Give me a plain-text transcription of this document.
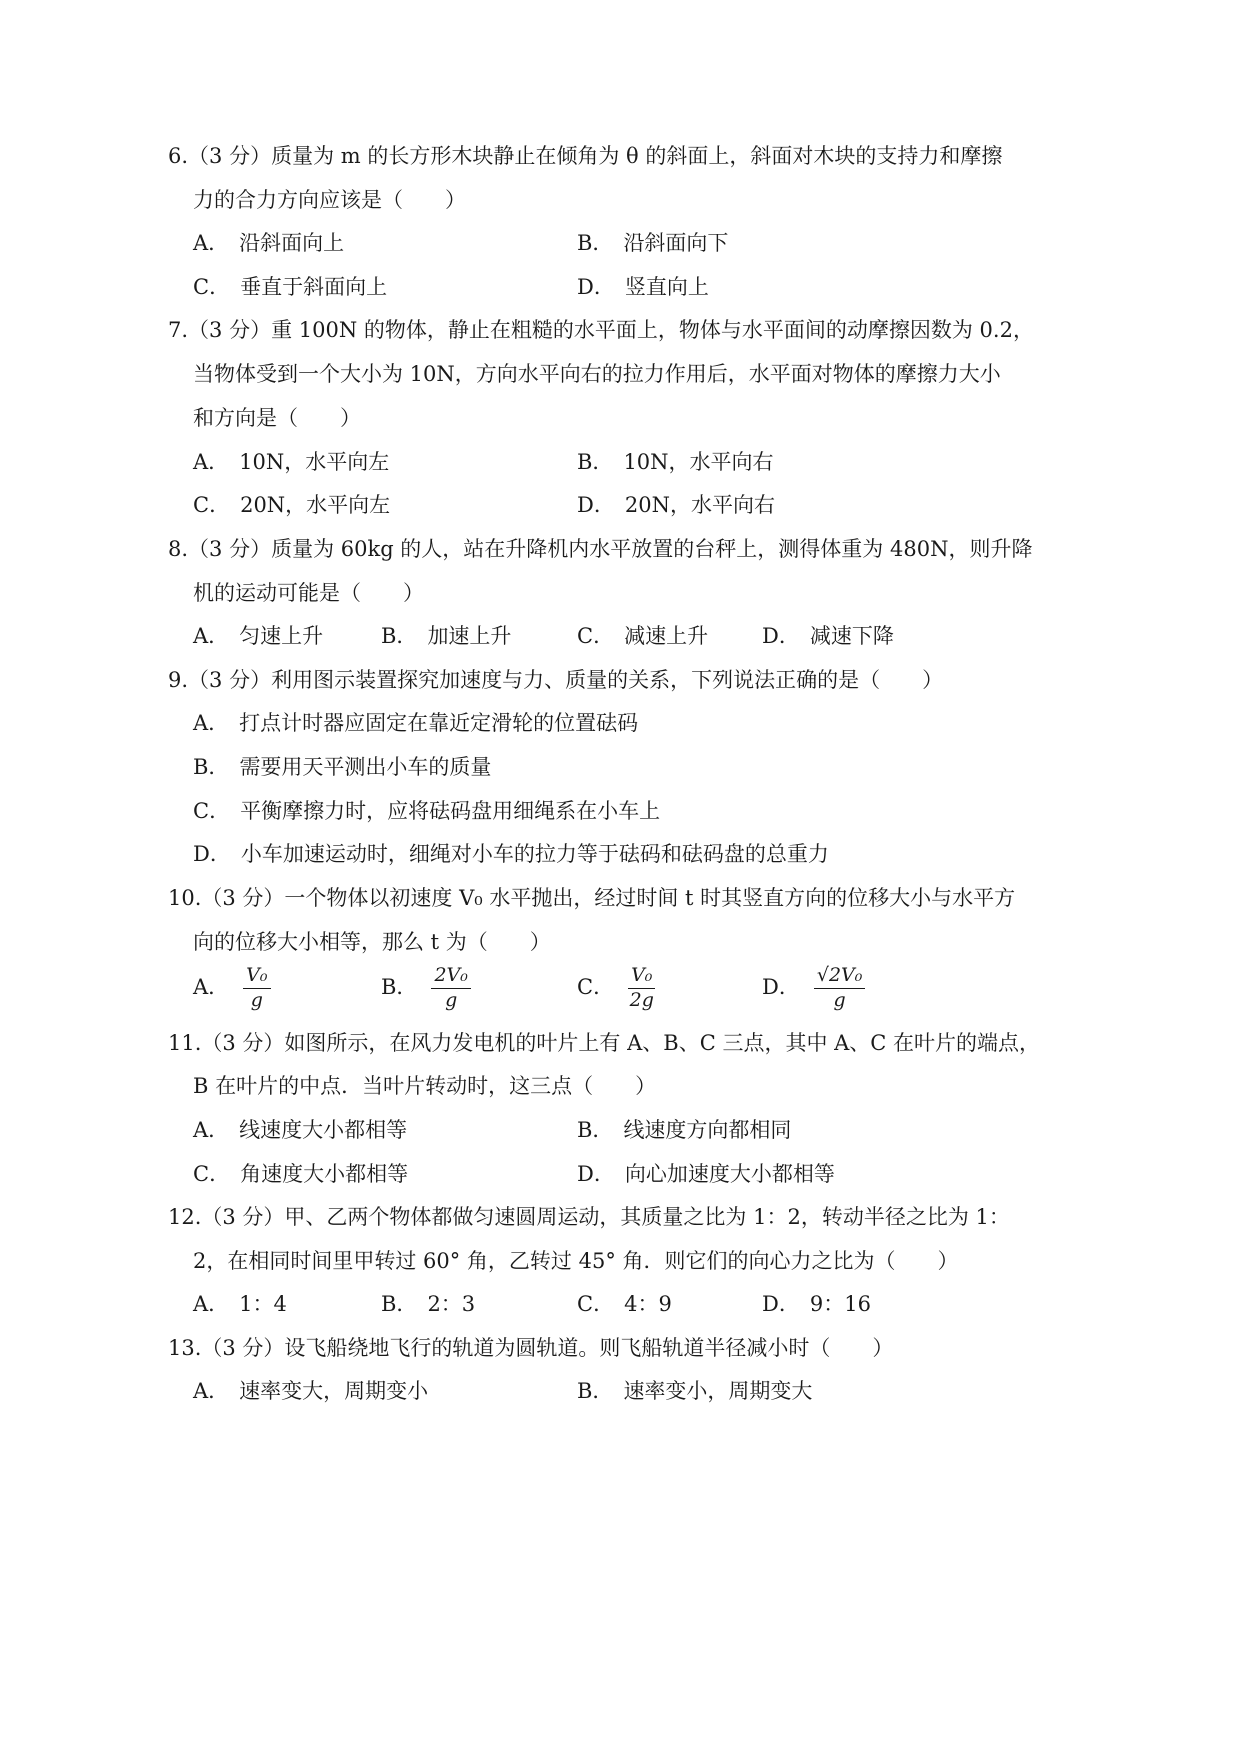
6.（3 分）质量为 m 的长方形木块静止在倾角为 θ 的斜面上，斜面对木块的支持力和摩擦
力的合力方向应该是（　　）
A． 沿斜面向上	B． 沿斜面向下
C． 垂直于斜面向上	D． 竖直向上
7.（3 分）重 100N 的物体，静止在粗糙的水平面上，物体与水平面间的动摩擦因数为 0.2，
当物体受到一个大小为 10N，方向水平向右的拉力作用后，水平面对物体的摩擦力大小
和方向是（　　）
A． 10N，水平向左	B． 10N，水平向右
C． 20N，水平向左	D． 20N，水平向右
8.（3 分）质量为 60kg 的人，站在升降机内水平放置的台秤上，测得体重为 480N，则升降
机的运动可能是（　　）
A． 匀速上升	B． 加速上升	C． 减速上升	D． 减速下降
9.（3 分）利用图示装置探究加速度与力、质量的关系，下列说法正确的是（　　）
A． 打点计时器应固定在靠近定滑轮的位置砝码
B． 需要用天平测出小车的质量
C． 平衡摩擦力时，应将砝码盘用细绳系在小车上
D． 小车加速运动时，细绳对小车的拉力等于砝码和砝码盘的总重力
10.（3 分）一个物体以初速度 V₀ 水平抛出，经过时间 t 时其竖直方向的位移大小与水平方
向的位移大小相等，那么 t 为（　　）
A． $\frac{\text{V₀}}{g}$	B． $\frac{\text{2V₀}}{g}$	C． $\frac{\text{V₀}}{2g}$	D． $\frac{\text{√2V₀}}{g}$
11.（3 分）如图所示，在风力发电机的叶片上有 A、B、C 三点，其中 A、C 在叶片的端点，
B 在叶片的中点．当叶片转动时，这三点（　　）
A． 线速度大小都相等	B． 线速度方向都相同
C． 角速度大小都相等	D． 向心加速度大小都相等
12.（3 分）甲、乙两个物体都做匀速圆周运动，其质量之比为 1：2，转动半径之比为 1：
2，在相同时间里甲转过 60° 角，乙转过 45° 角．则它们的向心力之比为（　　）
A． 1：4	B． 2：3	C． 4：9	D． 9：16
13.（3 分）设飞船绕地飞行的轨道为圆轨道。则飞船轨道半径减小时（　　）
A． 速率变大，周期变小	B． 速率变小，周期变大
